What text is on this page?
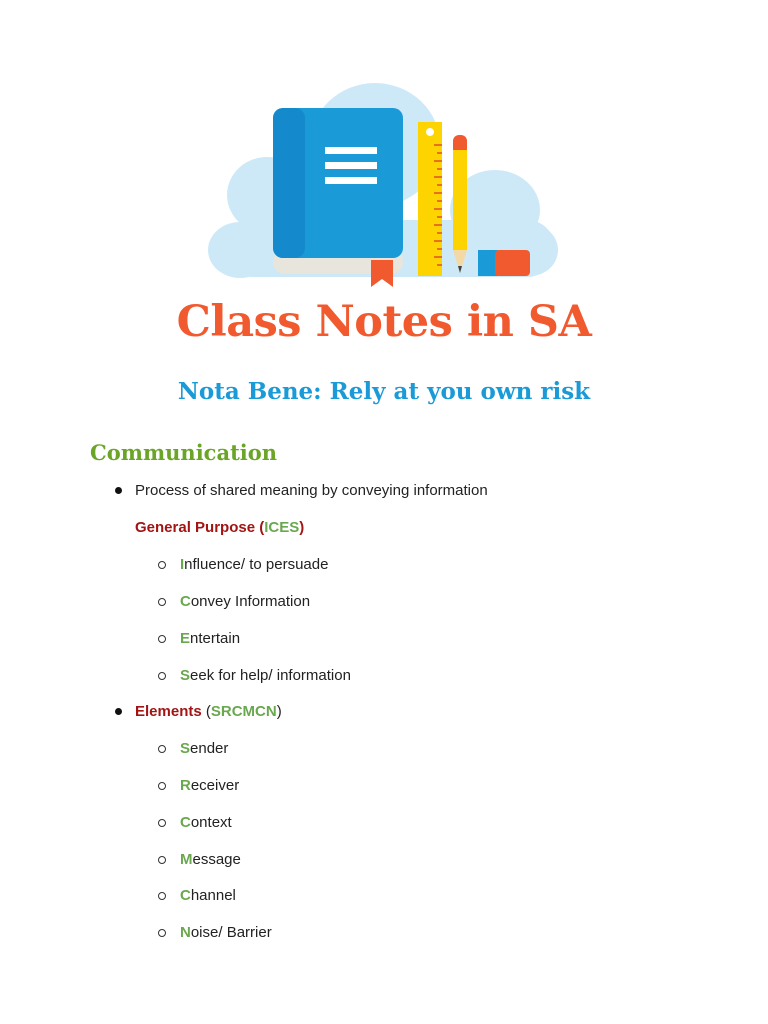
Class Notes in SA
Nota Bene: Rely at you own risk
Communication
Process of shared meaning by conveying information
General Purpose (ICES)
Influence/ to persuade
Convey Information
Entertain
Seek for help/ information
Elements (SRCMCN)
Sender
Receiver
Context
Message
Channel
Noise/ Barrier
